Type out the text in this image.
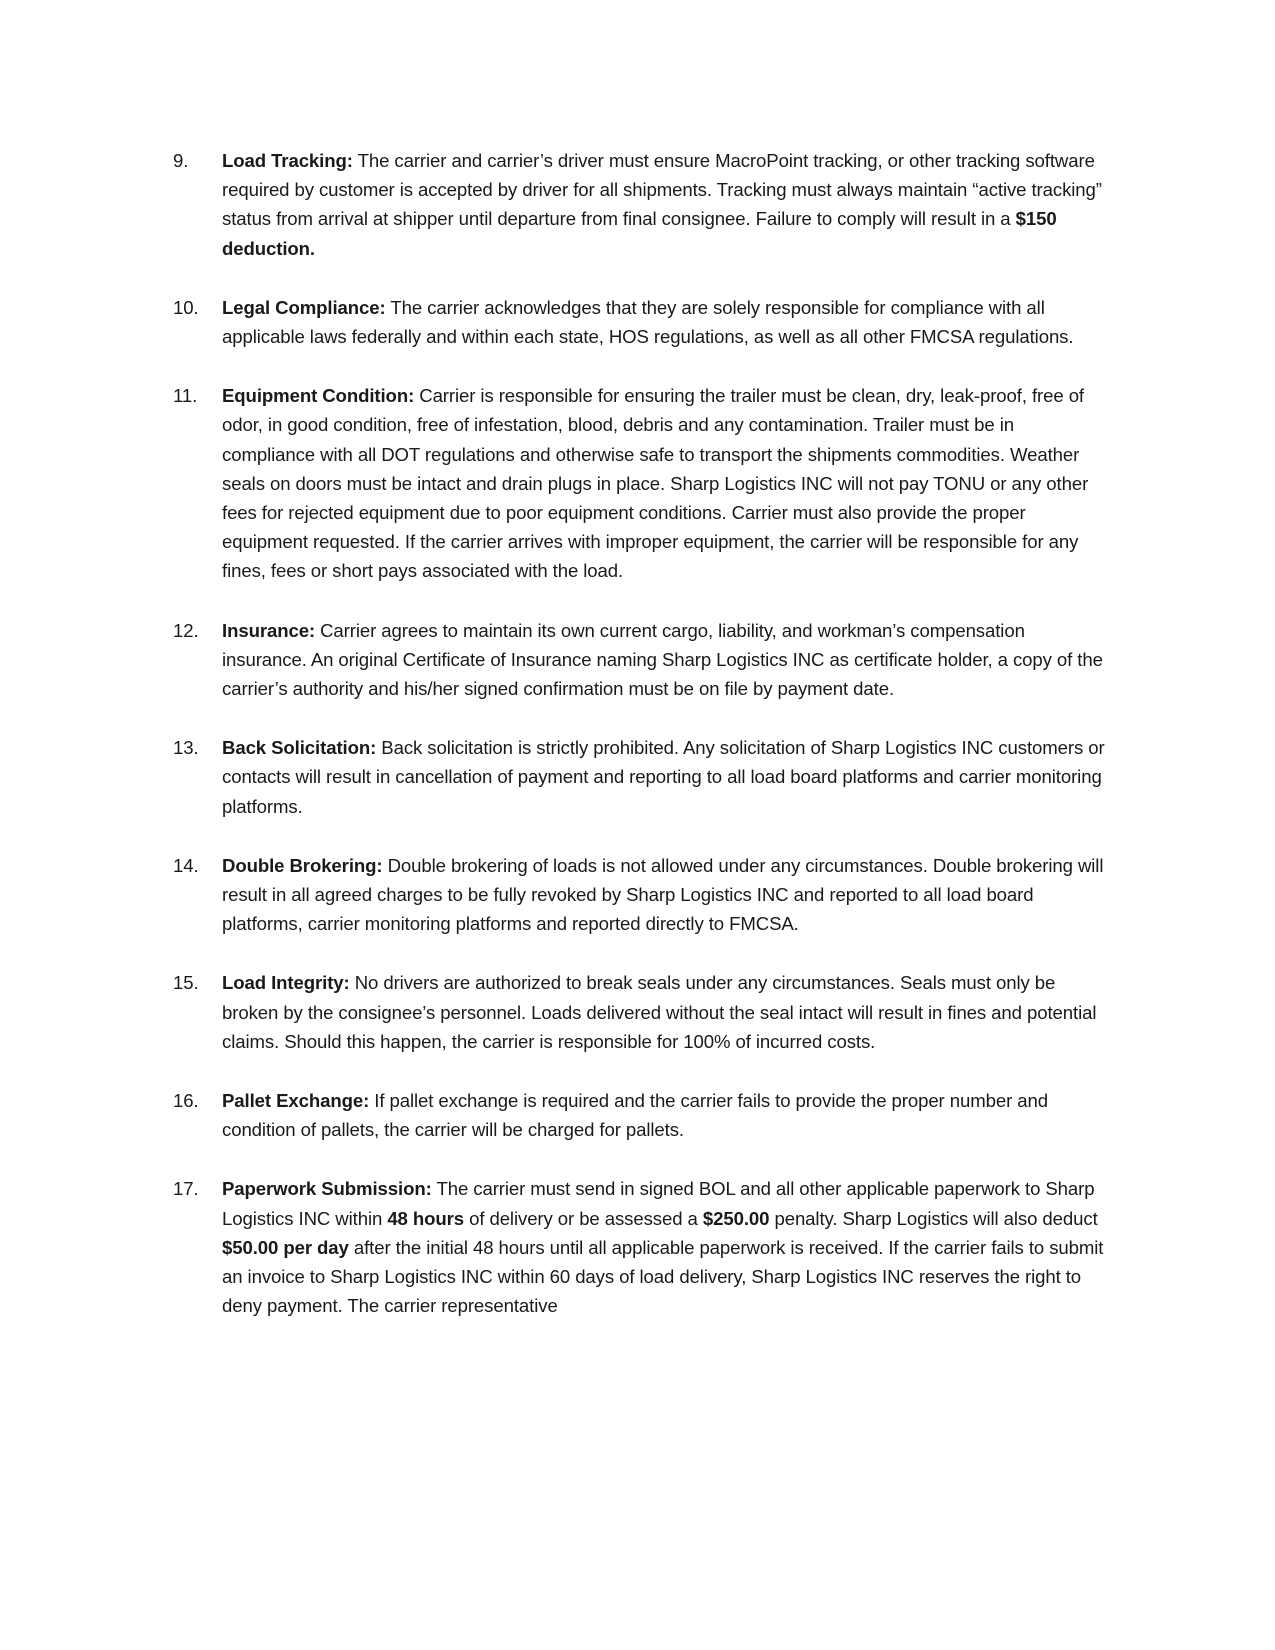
9. Load Tracking: The carrier and carrier’s driver must ensure MacroPoint tracking, or other tracking software required by customer is accepted by driver for all shipments. Tracking must always maintain “active tracking” status from arrival at shipper until departure from final consignee. Failure to comply will result in a $150 deduction.
10. Legal Compliance: The carrier acknowledges that they are solely responsible for compliance with all applicable laws federally and within each state, HOS regulations, as well as all other FMCSA regulations.
11. Equipment Condition: Carrier is responsible for ensuring the trailer must be clean, dry, leak-proof, free of odor, in good condition, free of infestation, blood, debris and any contamination. Trailer must be in compliance with all DOT regulations and otherwise safe to transport the shipments commodities. Weather seals on doors must be intact and drain plugs in place. Sharp Logistics INC will not pay TONU or any other fees for rejected equipment due to poor equipment conditions. Carrier must also provide the proper equipment requested. If the carrier arrives with improper equipment, the carrier will be responsible for any fines, fees or short pays associated with the load.
12. Insurance: Carrier agrees to maintain its own current cargo, liability, and workman’s compensation insurance. An original Certificate of Insurance naming Sharp Logistics INC as certificate holder, a copy of the carrier’s authority and his/her signed confirmation must be on file by payment date.
13. Back Solicitation: Back solicitation is strictly prohibited. Any solicitation of Sharp Logistics INC customers or contacts will result in cancellation of payment and reporting to all load board platforms and carrier monitoring platforms.
14. Double Brokering: Double brokering of loads is not allowed under any circumstances. Double brokering will result in all agreed charges to be fully revoked by Sharp Logistics INC and reported to all load board platforms, carrier monitoring platforms and reported directly to FMCSA.
15. Load Integrity: No drivers are authorized to break seals under any circumstances. Seals must only be broken by the consignee’s personnel. Loads delivered without the seal intact will result in fines and potential claims. Should this happen, the carrier is responsible for 100% of incurred costs.
16. Pallet Exchange: If pallet exchange is required and the carrier fails to provide the proper number and condition of pallets, the carrier will be charged for pallets.
17. Paperwork Submission: The carrier must send in signed BOL and all other applicable paperwork to Sharp Logistics INC within 48 hours of delivery or be assessed a $250.00 penalty. Sharp Logistics will also deduct $50.00 per day after the initial 48 hours until all applicable paperwork is received. If the carrier fails to submit an invoice to Sharp Logistics INC within 60 days of load delivery, Sharp Logistics INC reserves the right to deny payment. The carrier representative
